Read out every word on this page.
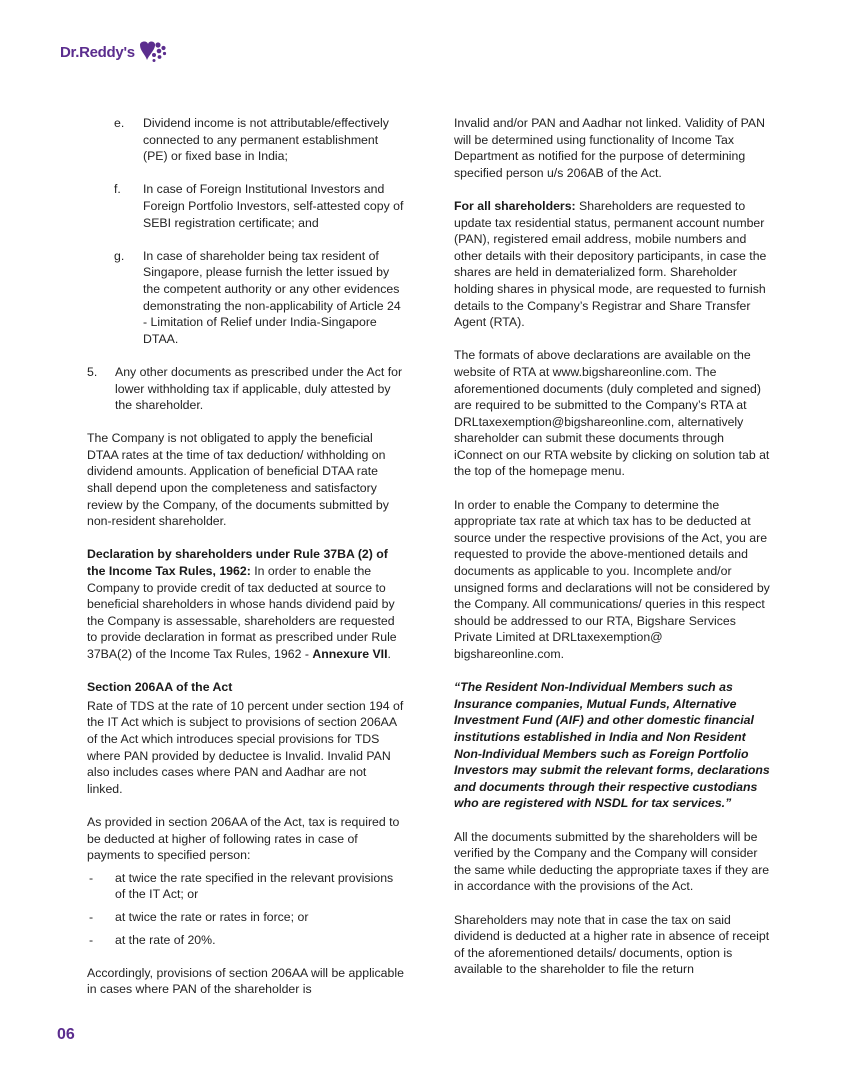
Dr.Reddy's
e. Dividend income is not attributable/effectively connected to any permanent establishment (PE) or fixed base in India;
f. In case of Foreign Institutional Investors and Foreign Portfolio Investors, self-attested copy of SEBI registration certificate; and
g. In case of shareholder being tax resident of Singapore, please furnish the letter issued by the competent authority or any other evidences demonstrating the non-applicability of Article 24 - Limitation of Relief under India-Singapore DTAA.
5. Any other documents as prescribed under the Act for lower withholding tax if applicable, duly attested by the shareholder.

The Company is not obligated to apply the beneficial DTAA rates at the time of tax deduction/ withholding on dividend amounts. Application of beneficial DTAA rate shall depend upon the completeness and satisfactory review by the Company, of the documents submitted by non-resident shareholder.

Declaration by shareholders under Rule 37BA (2) of the Income Tax Rules, 1962: In order to enable the Company to provide credit of tax deducted at source to beneficial shareholders in whose hands dividend paid by the Company is assessable, shareholders are requested to provide declaration in format as prescribed under Rule 37BA(2) of the Income Tax Rules, 1962 - Annexure VII.

Section 206AA of the Act

Rate of TDS at the rate of 10 percent under section 194 of the IT Act which is subject to provisions of section 206AA of the Act which introduces special provisions for TDS where PAN provided by deductee is Invalid. Invalid PAN also includes cases where PAN and Aadhar are not linked.

As provided in section 206AA of the Act, tax is required to be deducted at higher of following rates in case of payments to specified person:

- at twice the rate specified in the relevant provisions of the IT Act; or
- at twice the rate or rates in force; or
- at the rate of 20%.

Accordingly, provisions of section 206AA will be applicable in cases where PAN of the shareholder is

Invalid and/or PAN and Aadhar not linked. Validity of PAN will be determined using functionality of Income Tax Department as notified for the purpose of determining specified person u/s 206AB of the Act.

For all shareholders: Shareholders are requested to update tax residential status, permanent account number (PAN), registered email address, mobile numbers and other details with their depository participants, in case the shares are held in dematerialized form. Shareholder holding shares in physical mode, are requested to furnish details to the Company’s Registrar and Share Transfer Agent (RTA).

The formats of above declarations are available on the website of RTA at www.bigshareonline.com. The aforementioned documents (duly completed and signed) are required to be submitted to the Company’s RTA at DRLtaxexemption@bigshareonline.com, alternatively shareholder can submit these documents through iConnect on our RTA website by clicking on solution tab at the top of the homepage menu.

In order to enable the Company to determine the appropriate tax rate at which tax has to be deducted at source under the respective provisions of the Act, you are requested to provide the above-mentioned details and documents as applicable to you. Incomplete and/or unsigned forms and declarations will not be considered by the Company. All communications/ queries in this respect should be addressed to our RTA, Bigshare Services Private Limited at DRLtaxexemption@ bigshareonline.com.

“The Resident Non-Individual Members such as Insurance companies, Mutual Funds, Alternative Investment Fund (AIF) and other domestic financial institutions established in India and Non Resident Non-Individual Members such as Foreign Portfolio Investors may submit the relevant forms, declarations and documents through their respective custodians who are registered with NSDL for tax services.”

All the documents submitted by the shareholders will be verified by the Company and the Company will consider the same while deducting the appropriate taxes if they are in accordance with the provisions of the Act.

Shareholders may note that in case the tax on said dividend is deducted at a higher rate in absence of receipt of the aforementioned details/ documents, option is available to the shareholder to file the return

06
